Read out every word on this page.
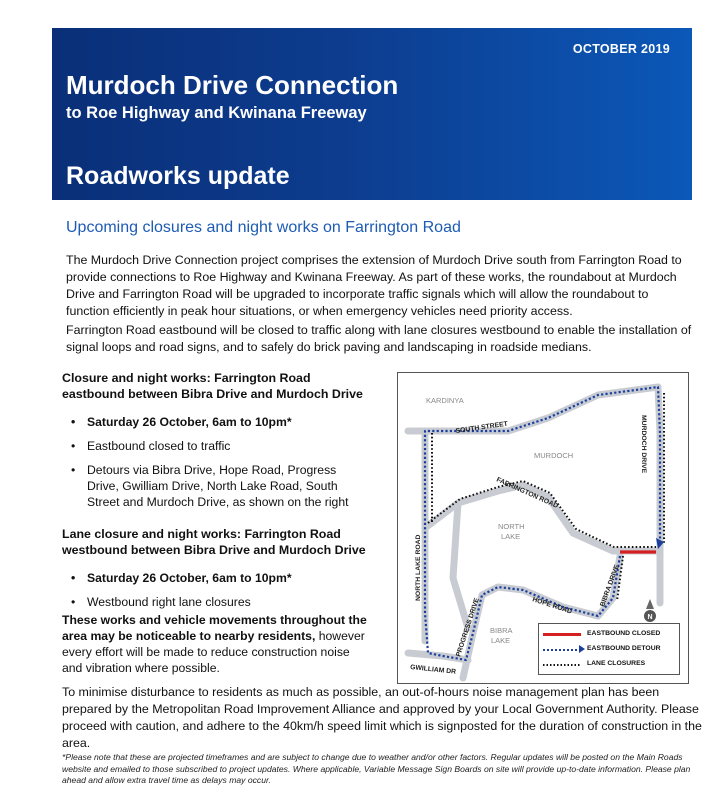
OCTOBER 2019
Murdoch Drive Connection
to Roe Highway and Kwinana Freeway
Roadworks update
Upcoming closures and night works on Farrington Road
The Murdoch Drive Connection project comprises the extension of Murdoch Drive south from Farrington Road to provide connections to Roe Highway and Kwinana Freeway. As part of these works, the roundabout at Murdoch Drive and Farrington Road will be upgraded to incorporate traffic signals which will allow the roundabout to function efficiently in peak hour situations, or when emergency vehicles need priority access.
Farrington Road eastbound will be closed to traffic along with lane closures westbound to enable the installation of signal loops and road signs, and to safely do brick paving and landscaping in roadside medians.
Closure and night works: Farrington Road eastbound between Bibra Drive and Murdoch Drive
• Saturday 26 October, 6am to 10pm*
• Eastbound closed to traffic
• Detours via Bibra Drive, Hope Road, Progress Drive, Gwilliam Drive, North Lake Road, South Street and Murdoch Drive, as shown on the right
Lane closure and night works: Farrington Road westbound between Bibra Drive and Murdoch Drive
• Saturday 26 October, 6am to 10pm*
• Westbound right lane closures
These works and vehicle movements throughout the area may be noticeable to nearby residents, however every effort will be made to reduce construction noise and vibration where possible.
N
KARDINYA
SOUTH STREET	MURDOCH DRIVE
MURDOCH
FARRINGTON ROAD
NORTH
LAKE
NORTH LAKE ROAD	BIBRA DRIVE
PROGRESS DRIVE	HOPE ROAD
BIBRA
LAKE
GWILLIAM DR
EASTBOUND CLOSED
EASTBOUND DETOUR
LANE CLOSURES
To minimise disturbance to residents as much as possible, an out-of-hours noise management plan has been prepared by the Metropolitan Road Improvement Alliance and approved by your Local Government Authority. Please proceed with caution, and adhere to the 40km/h speed limit which is signposted for the duration of construction in the area.
*Please note that these are projected timeframes and are subject to change due to weather and/or other factors. Regular updates will be posted on the Main Roads website and emailed to those subscribed to project updates. Where applicable, Variable Message Sign Boards on site will provide up-to-date information. Please plan ahead and allow extra travel time as delays may occur.
